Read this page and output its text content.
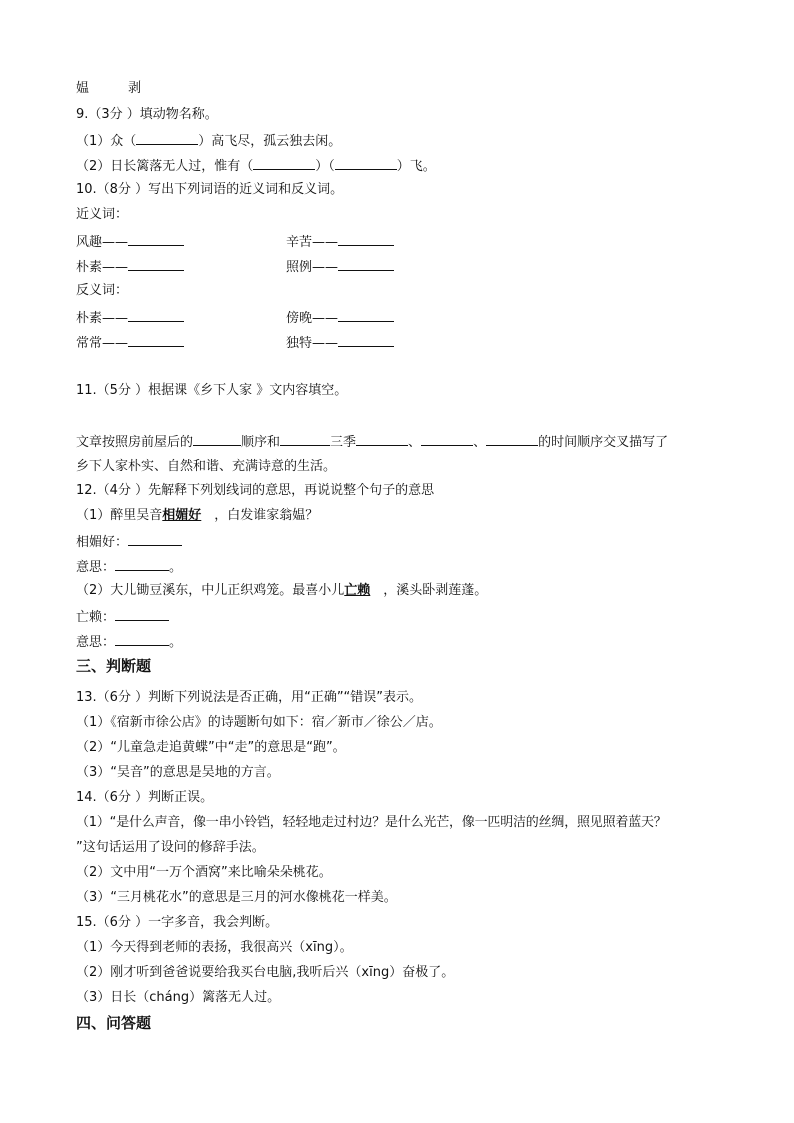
媪　　　剥
9.（3分 ）填动物名称。
（1）众（	）高飞尽，孤云独去闲。
（2）日长篱落无人过，惟有（	）（	）飞。
10.（8分 ）写出下列词语的近义词和反义词。
近义词：
风趣——	辛苦——
朴素——	照例——
反义词：
朴素——	傍晚——
常常——	独特——
11.（5分 ）根据课《乡下人家 》文内容填空。
文章按照房前屋后的	顺序和	三季	、	、	的时间顺序交叉描写了
乡下人家朴实、自然和谐、充满诗意的生活。
12.（4分 ）先解释下列划线词的意思，再说说整个句子的意思
（1）醉里吴音相媚好　，白发谁家翁媪？
相媚好：
意思：	。
（2）大儿锄豆溪东，中儿正织鸡笼。最喜小儿亡赖　，溪头卧剥莲蓬。
亡赖：
意思：	。
三、判断题
13.（6分 ）判断下列说法是否正确，用“正确”“错误”表示。
（1）《宿新市徐公店》的诗题断句如下：宿／新市／徐公／店。
（2）“儿童急走追黄蝶”中“走”的意思是“跑”。
（3）“吴音”的意思是吴地的方言。
14.（6分 ）判断正误。
（1）“是什么声音，像一串小铃铛，轻轻地走过村边？是什么光芒，像一匹明洁的丝绸，照见照着蓝天？
”这句话运用了设问的修辞手法。
（2）文中用“一万个酒窝”来比喻朵朵桃花。
（3）“三月桃花水”的意思是三月的河水像桃花一样美。
15.（6分 ）一字多音，我会判断。
（1）今天得到老师的表扬，我很高兴（xīng）。
（2）刚才听到爸爸说要给我买台电脑,我听后兴（xīng）奋极了。
（3）日长（cháng）篱落无人过。
四、问答题
